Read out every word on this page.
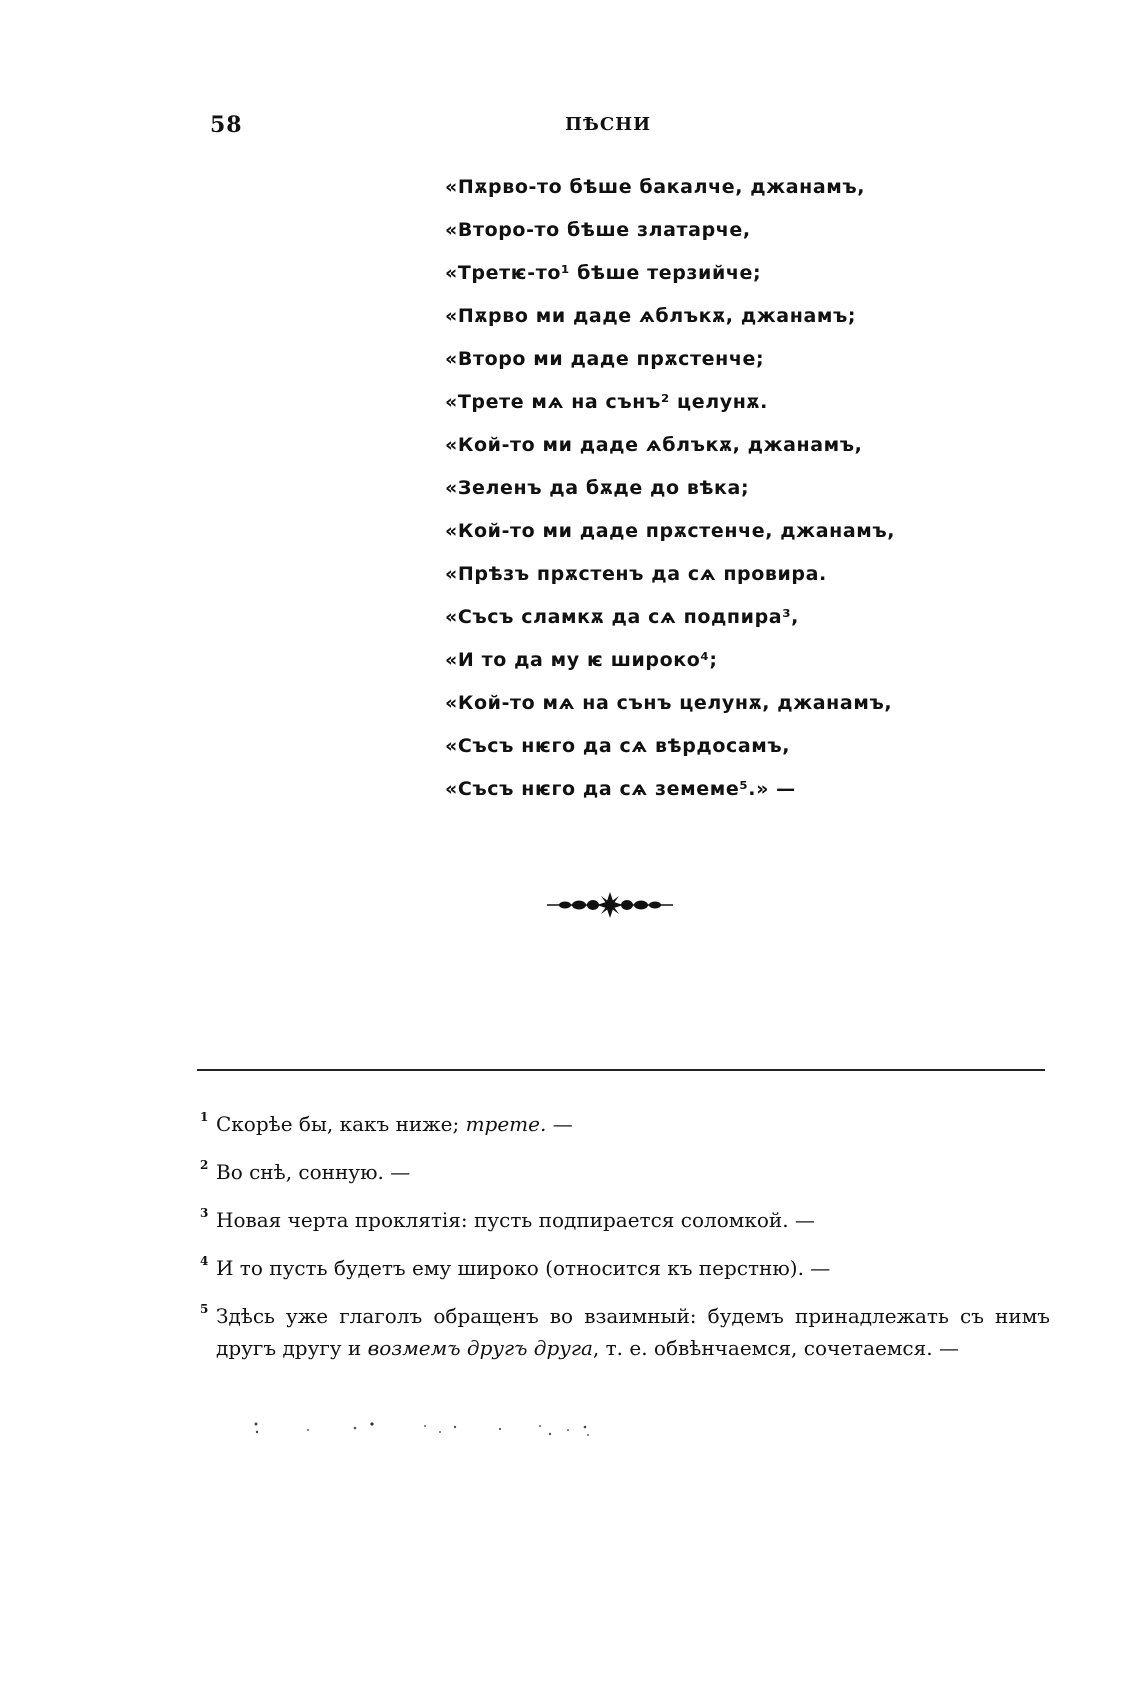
58	ПѢСНИ
«Пѫрво-то бѣше бакалче, джанамъ,
«Второ-то бѣше златарче,
«Третѥ-то¹ бѣше терзийче;
«Пѫрво ми даде ѧблъкѫ, джанамъ;
«Второ ми даде прѫстенче;
«Трете мѧ на сънъ² целунѫ.
«Кой-то ми даде ѧблъкѫ, джанамъ,
«Зеленъ да бѫде до вѣка;
«Кой-то ми даде прѫстенче, джанамъ,
«Прѣзъ прѫстенъ да сѧ провира.
«Съсъ сламкѫ да сѧ подпира³,
«И то да му ѥ широко⁴;
«Кой-то мѧ на сънъ целунѫ, джанамъ,
«Съсъ нѥго да сѧ вѣрдосамъ,
«Съсъ нѥго да сѧ земеме⁵.» —
1 Скорѣе бы, какъ ниже; трете. —
2 Во снѣ, сонную. —
3 Новая черта проклятія: пусть подпирается соломкой. —
4 И то пусть будетъ ему широко (относится къ перстню). —
5 Здѣсь уже глаголъ обращенъ во взаимный: будемъ принадлежать съ нимъ другъ другу и возмемъ другъ друга, т. е. обвѣнчаемся, сочетаемся. —
